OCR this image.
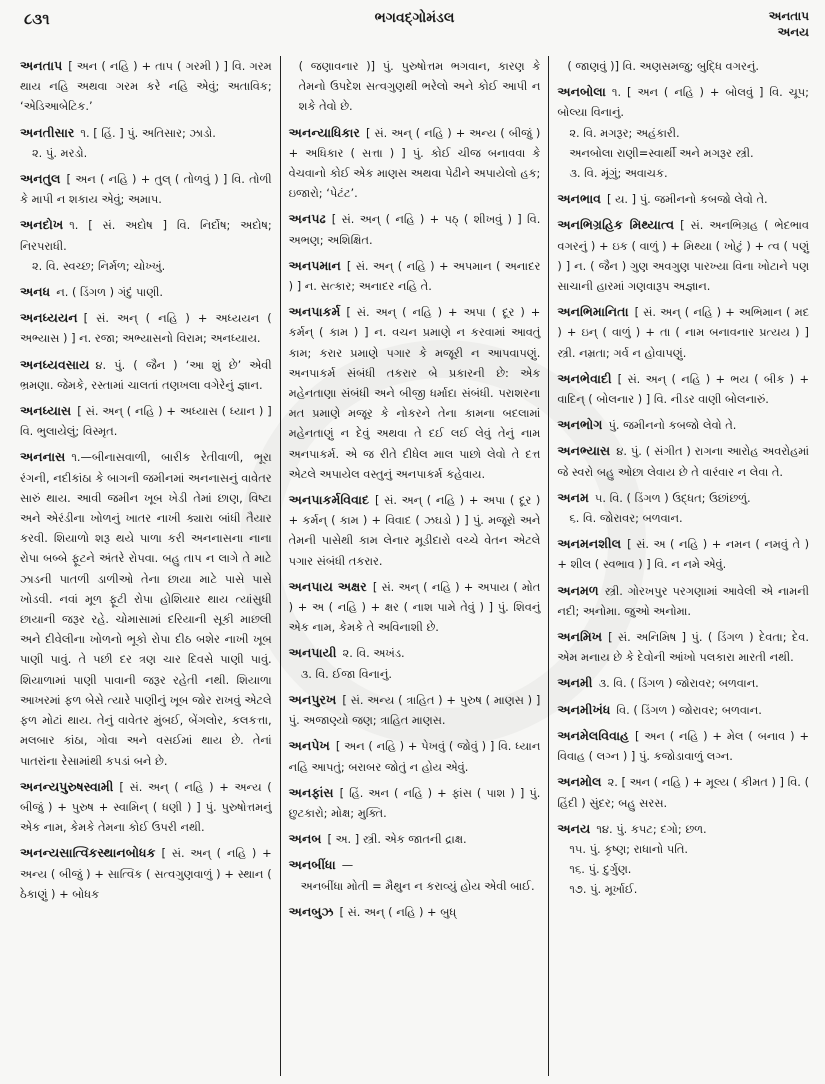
૮૩૧	ભગવદ્ગોમંડલ	અનતાપ
અનય
અનતાપ [ અન ( નહિ ) + તાપ ( ગરમી ) ] વિ. ગરમ થાય નહિ અથવા ગરમ કરે નહિ એવું; અતાવિક; ‘એડિઆબેટિક.’
અનતીસાર ૧. [ હિં. ] પું. અતિસાર; ઝાડો.
૨. પું. મરડો.
અનતુલ [ અન ( નહિ ) + તુલ્ ( તોળવું ) ] વિ. તોળી કે માપી ન શકાય એવું; અમાપ.
અનદોખ ૧. [ સં. અદોષ ] વિ. નિર્દોષ; અદોષ; નિરપરાધી.
૨. વિ. સ્વચ્છ; નિર્મળ; ચોખ્ખું.
અનધ ન. ( ડિંગળ ) ગંદું પાણી.
અનધ્યયન [ સં. અન્ ( નહિ ) + અધ્યયન ( અભ્યાસ ) ] ન. રજા; અભ્યાસનો વિરામ; અનધ્યાય.
અનધ્યવસાય ૪. પું. ( જૈન ) ‘આ શું છે’ એવી ભ્રમણા. જેમકે, રસ્તામાં ચાલતાં તણખલા વગેરેનું જ્ઞાન.
અનધ્યાસ [ સં. અન્ ( નહિ ) + અધ્યાસ ( ધ્યાન ) ] વિ. ભુલાયેલું; વિસ્મૃત.
અનનાસ ૧.—બીનાસવાળી, બારીક રેતીવાળી, ભૂરા રંગની, નદીકાંઠા કે બાગની જમીનમાં અનનાસનું વાવેતર સારું થાય. આવી જમીન ખૂબ ખેડી તેમાં છાણ, વિષ્ટા અને એરંડીના ખોળનું ખાતર નાખી ક્યારા બાંધી તૈયાર કરવી. શિયાળો શરૂ થયે પાળા કરી અનનાસના નાના રોપા બબ્બે ફૂટને અંતરે રોપવા. બહુ તાપ ન લાગે તે માટે ઝાડની પાતળી ડાળીઓ તેના છાયા માટે પાસે પાસે ખોડવી. નવાં મૂળ ફૂટી રોપા હોશિયાર થાય ત્યાંસુધી છાયાની જરૂર રહે. ચોમાસામાં દરિયાની સૂકી માછલી અને દીવેલીના ખોળનો ભૂકો રોપા દીઠ બશેર નાખી ખૂબ પાણી પાવું. તે પછી દર ત્રણ ચાર દિવસે પાણી પાવું. શિયાળામાં પાણી પાવાની જરૂર રહેતી નથી. શિયાળા આખરમાં ફળ બેસે ત્યારે પાણીનું ખૂબ જોર રાખવું એટલે ફળ મોટાં થાય. તેનું વાવેતર મુંબઈ, બેંગલોર, કલકત્તા, મલબાર કાંઠા, ગોવા અને વસઈમાં થાય છે. તેનાં પાતરાંના રેસામાંથી કપડાં બને છે.
અનન્યપુરુષસ્વામી [ સં. અન્ ( નહિ ) + અન્ય ( બીજું ) + પુરુષ + સ્વામિન્ ( ધણી ) ] પું. પુરુષોત્તમનું એક નામ, કેમકે તેમના કોઈ ઉપરી નથી.
અનન્યસાત્વિકસ્થાનબોધક [ સં. અન્ ( નહિ ) + અન્ય ( બીજું ) + સાત્વિક ( સત્વગુણવાળું ) + સ્થાન ( ઠેકાણું ) + બોધક
( જણાવનાર )] પું. પુરુષોત્તમ ભગવાન, કારણ કે તેમનો ઉપદેશ સત્વગુણથી ભરેલો અને કોઈ આપી ન શકે તેવો છે.
અનન્યાધિકાર [ સં. અન્ ( નહિ ) + અન્ય ( બીજું ) + અધિકાર ( સત્તા ) ] પું. કોઈ ચીજ બનાવવા કે વેચવાનો કોઈ એક માણસ અથવા પેઢીને અપાયેલો હક; ઇજારો; ‘પેટંટ’.
અનપઢ [ સં. અન્ ( નહિ ) + પઠ્ ( શીખવું ) ] વિ. અભણ; અશિક્ષિત.
અનપમાન [ સં. અન્ ( નહિ ) + અપમાન ( અનાદર ) ] ન. સત્કાર; અનાદર નહિ તે.
અનપાકર્મ [ સં. અન્ ( નહિ ) + અપા ( દૂર ) + કર્મન્ ( કામ ) ] ન. વચન પ્રમાણે ન કરવામાં આવતું કામ; કરાર પ્રમાણે પગાર કે મજૂરી ન આપવાપણું. અનપાકર્મ સંબંધી તકરાર બે પ્રકારની છે: એક મહેનતાણા સંબંધી અને બીજી ધર્માદા સંબંધી. પરાશરના મત પ્રમાણે મજૂર કે નોકરને તેના કામના બદલામાં મહેનતાણું ન દેવું અથવા તે દઈ લઈ લેવું તેનું નામ અનપાકર્મ. એ જ રીતે દીધેલ માલ પાછો લેવો તે દત્ત એટલે અપાયેલ વસ્તુનું અનપાકર્મ કહેવાય.
અનપાકર્મવિવાદ [ સં. અન્ ( નહિ ) + અપા ( દૂર ) + કર્મન્ ( કામ ) + વિવાદ ( ઝઘડો ) ] પું. મજૂરો અને તેમની પાસેથી કામ લેનાર મૂડીદારો વચ્ચે વેતન એટલે પગાર સંબંધી તકરાર.
અનપાય અક્ષર [ સં. અન્ ( નહિ ) + અપાય ( મોત ) + અ ( નહિ ) + ક્ષર ( નાશ પામે તેવું ) ] પું. શિવનું એક નામ, કેમકે તે અવિનાશી છે.
અનપાયી ૨. વિ. અખંડ.
૩. વિ. ઈજા વિનાનું.
અનપુરખ [ સં. અન્ય ( ત્રાહિત ) + પુરુષ ( માણસ ) ] પું. અજાણ્યો જણ; ત્રાહિત માણસ.
અનપેખ [ અન ( નહિ ) + પેખવું ( જોવું ) ] વિ. ધ્યાન નહિ આપતું; બરાબર જોતું ન હોય એવું.
અનફાંસ [ હિં. અન ( નહિ ) + ફાંસ ( પાશ ) ] પું. છુટકારો; મોક્ષ; મુક્તિ.
અનબ [ અ. ] સ્ત્રી. એક જાતની દ્રાક્ષ.
અનબીંધા —
અનબીંધા મોતી = મૈથુન ન કરાવ્યું હોય એવી બાઈ.
અનબુઝ [ સં. અન્ ( નહિ ) + બુધ્
( જાણવું )] વિ. અણસમજુ; બુદ્ધિ વગરનું.
અનબોલા ૧. [ અન ( નહિ ) + બોલવું ] વિ. ચૂપ; બોલ્યા વિનાનું.
૨. વિ. મગરૂર; અહંકારી.
અનબોલા રાણી=સ્વાર્થી અને મગરૂર સ્ત્રી.
૩. વિ. મૂંગું; અવાચક.
અનભાવ [ ય. ] પું. જમીનનો કબજો લેવો તે.
અનભિગ્રહિક મિથ્યાત્વ [ સં. અનભિગ્રહ ( ભેદભાવ વગરનું ) + ઇક ( વાળું ) + મિથ્યા ( ખોટું ) + ત્વ ( પણું ) ] ન. ( જૈન ) ગુણ અવગુણ પારખ્યા વિના ખોટાને પણ સાચાની હારમાં ગણવારૂપ અજ્ઞાન.
અનભિમાનિતા [ સં. અન્ ( નહિ ) + અભિમાન ( મદ ) + ઇન્ ( વાળું ) + તા ( નામ બનાવનાર પ્રત્યય ) ] સ્ત્રી. નમ્રતા; ગર્વ ન હોવાપણું.
અનભેવાદી [ સં. અન્ ( નહિ ) + ભય ( બીક ) + વાદિન્ ( બોલનાર ) ] વિ. નીડર વાણી બોલનારું.
અનભોગ પું. જમીનનો કબજો લેવો તે.
અનભ્યાસ ૪. પું. ( સંગીત ) રાગના આરોહ અવરોહમાં જે સ્વરો બહુ ઓછા લેવાય છે તે વારંવાર ન લેવા તે.
અનમ ૫. વિ. ( ડિંગળ ) ઉદ્ધત; ઉછાંછળું.
૬. વિ. જોરાવર; બળવાન.
અનમનશીલ [ સં. અ ( નહિ ) + નમન ( નમવું તે ) + શીલ ( સ્વભાવ ) ] વિ. ન નમે એવું.
અનમળ સ્ત્રી. ગોરખપુર પરગણામાં આવેલી એ નામની નદી; અનોમા. જુઓ અનોમા.
અનમિખ [ સં. અનિમિષ ] પું. ( ડિંગળ ) દેવતા; દેવ. એમ મનાય છે કે દેવોની આંખો પલકારા મારતી નથી.
અનમી ૩. વિ. ( ડિંગળ ) જોરાવર; બળવાન.
અનમીખંધ વિ. ( ડિંગળ ) જોરાવર; બળવાન.
અનમેલવિવાહ [ અન ( નહિ ) + મેલ ( બનાવ ) + વિવાહ ( લગ્ન ) ] પું. કજોડાવાળું લગ્ન.
અનમોલ ૨. [ અન ( નહિ ) + મૂલ્ય ( કીમત ) ] વિ. ( હિંદી ) સુંદર; બહુ સરસ.
અનય ૧૪. પું. કપટ; દગો; છળ.
૧૫. પું. કૃષ્ણ; રાધાનો પતિ.
૧૬. પું. દુર્ગુણ.
૧૭. પું. મૂર્ખાઈ.
